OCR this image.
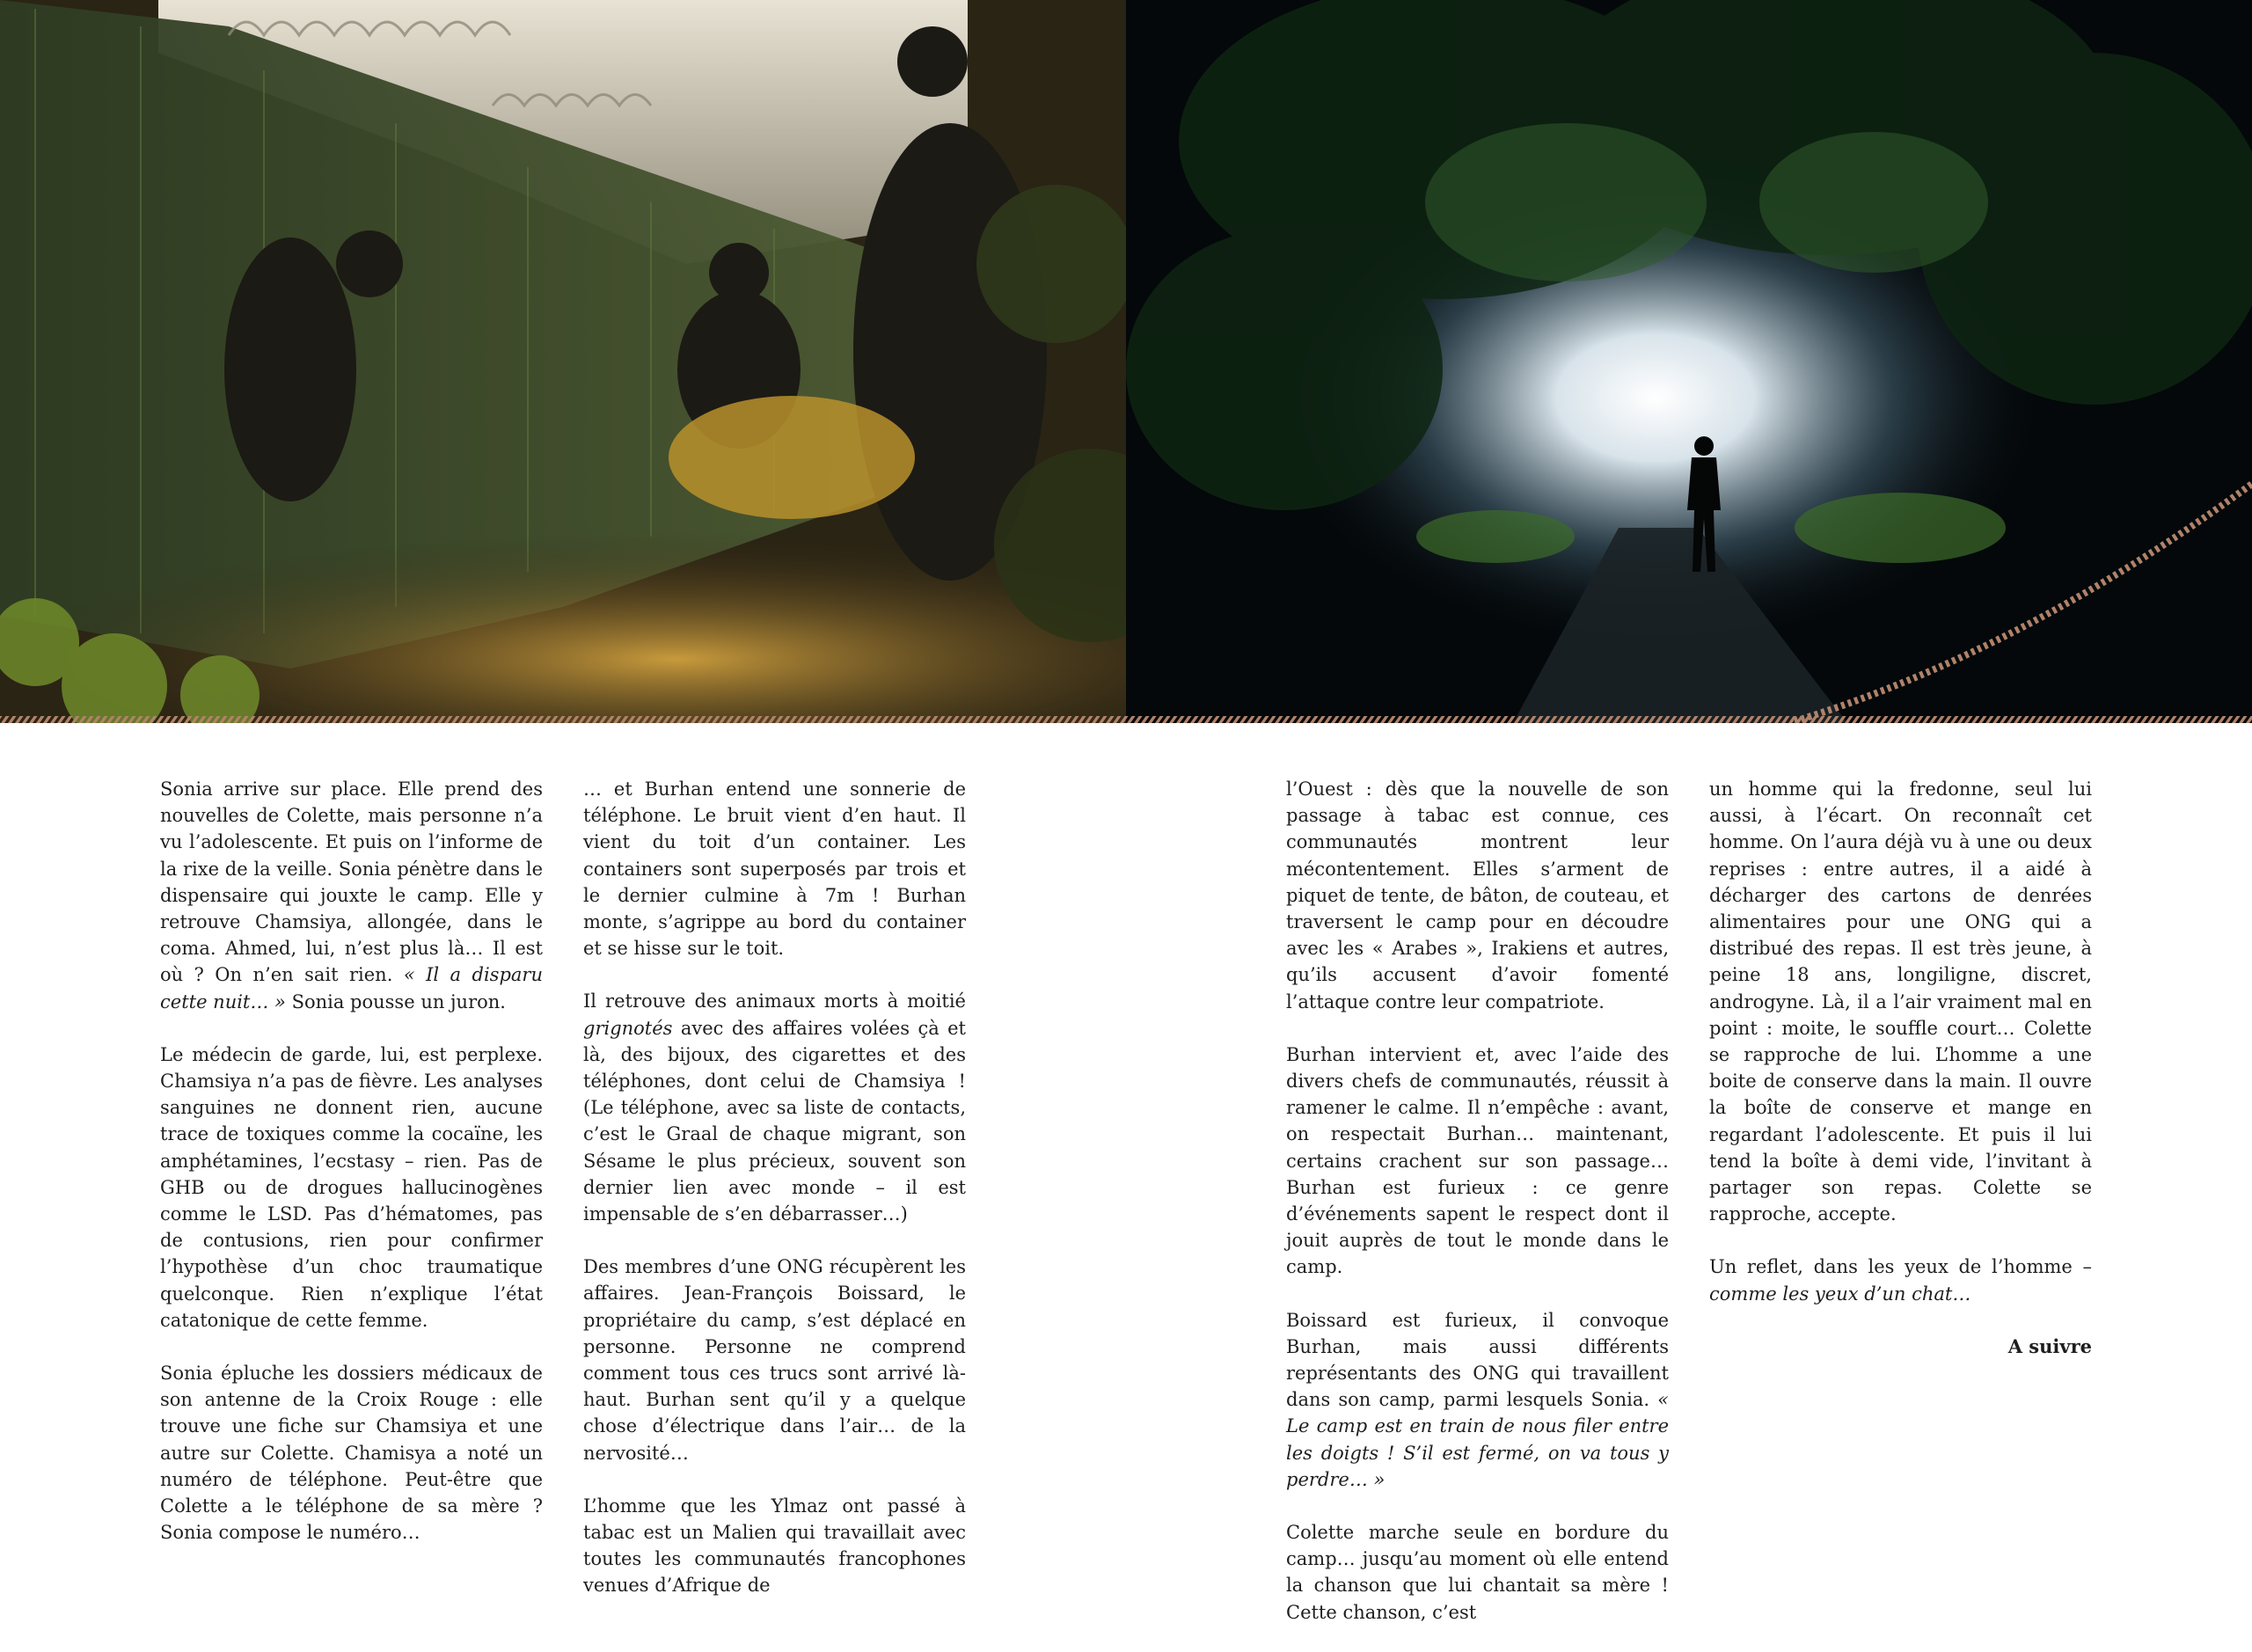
Sonia arrive sur place. Elle prend des nouvelles de Colette, mais personne n’a vu l’adolescente. Et puis on l’informe de la rixe de la veille. Sonia pénètre dans le dispensaire qui jouxte le camp. Elle y retrouve Chamsiya, allongée, dans le coma. Ahmed, lui, n’est plus là… Il est où ? On n’en sait rien. « Il a disparu cette nuit… » Sonia pousse un juron.

Le médecin de garde, lui, est perplexe. Chamsiya n’a pas de fièvre. Les analyses sanguines ne donnent rien, aucune trace de toxiques comme la cocaïne, les amphétamines, l’ecstasy – rien. Pas de GHB ou de drogues hallucinogènes comme le LSD. Pas d’hématomes, pas de contusions, rien pour confirmer l’hypothèse d’un choc traumatique quelconque. Rien n’explique l’état catatonique de cette femme.

Sonia épluche les dossiers médicaux de son antenne de la Croix Rouge : elle trouve une fiche sur Chamsiya et une autre sur Colette. Chamisya a noté un numéro de téléphone. Peut-être que Colette a le téléphone de sa mère ? Sonia compose le numéro…

… et Burhan entend une sonnerie de téléphone. Le bruit vient d’en haut. Il vient du toit d’un container. Les containers sont superposés par trois et le dernier culmine à 7m ! Burhan monte, s’agrippe au bord du container et se hisse sur le toit.

Il retrouve des animaux morts à moitié grignotés avec des affaires volées çà et là, des bijoux, des cigarettes et des téléphones, dont celui de Chamsiya ! (Le téléphone, avec sa liste de contacts, c’est le Graal de chaque migrant, son Sésame le plus précieux, souvent son dernier lien avec monde – il est impensable de s’en débarrasser…)

Des membres d’une ONG récupèrent les affaires. Jean-François Boissard, le propriétaire du camp, s’est déplacé en personne. Personne ne comprend comment tous ces trucs sont arrivé là-haut. Burhan sent qu’il y a quelque chose d’électrique dans l’air… de la nervosité…

L’homme que les Ylmaz ont passé à tabac est un Malien qui travaillait avec toutes les communautés francophones venues d’Afrique de

l’Ouest : dès que la nouvelle de son passage à tabac est connue, ces communautés montrent leur mécontentement. Elles s’arment de piquet de tente, de bâton, de couteau, et traversent le camp pour en découdre avec les « Arabes », Irakiens et autres, qu’ils accusent d’avoir fomenté l’attaque contre leur compatriote.

Burhan intervient et, avec l’aide des divers chefs de communautés, réussit à ramener le calme. Il n’empêche : avant, on respectait Burhan… maintenant, certains crachent sur son passage… Burhan est furieux : ce genre d’événements sapent le respect dont il jouit auprès de tout le monde dans le camp.

Boissard est furieux, il convoque Burhan, mais aussi différents représentants des ONG qui travaillent dans son camp, parmi lesquels Sonia. « Le camp est en train de nous filer entre les doigts ! S’il est fermé, on va tous y perdre… »

Colette marche seule en bordure du camp… jusqu’au moment où elle entend la chanson que lui chantait sa mère ! Cette chanson, c’est

un homme qui la fredonne, seul lui aussi, à l’écart. On reconnaît cet homme. On l’aura déjà vu à une ou deux reprises : entre autres, il a aidé à décharger des cartons de denrées alimentaires pour une ONG qui a distribué des repas. Il est très jeune, à peine 18 ans, longiligne, discret, androgyne. Là, il a l’air vraiment mal en point : moite, le souffle court… Colette se rapproche de lui. L’homme a une boite de conserve dans la main. Il ouvre la boîte de conserve et mange en regardant l’adolescente. Et puis il lui tend la boîte à demi vide, l’invitant à partager son repas. Colette se rapproche, accepte.

Un reflet, dans les yeux de l’homme – comme les yeux d’un chat…

A suivre
